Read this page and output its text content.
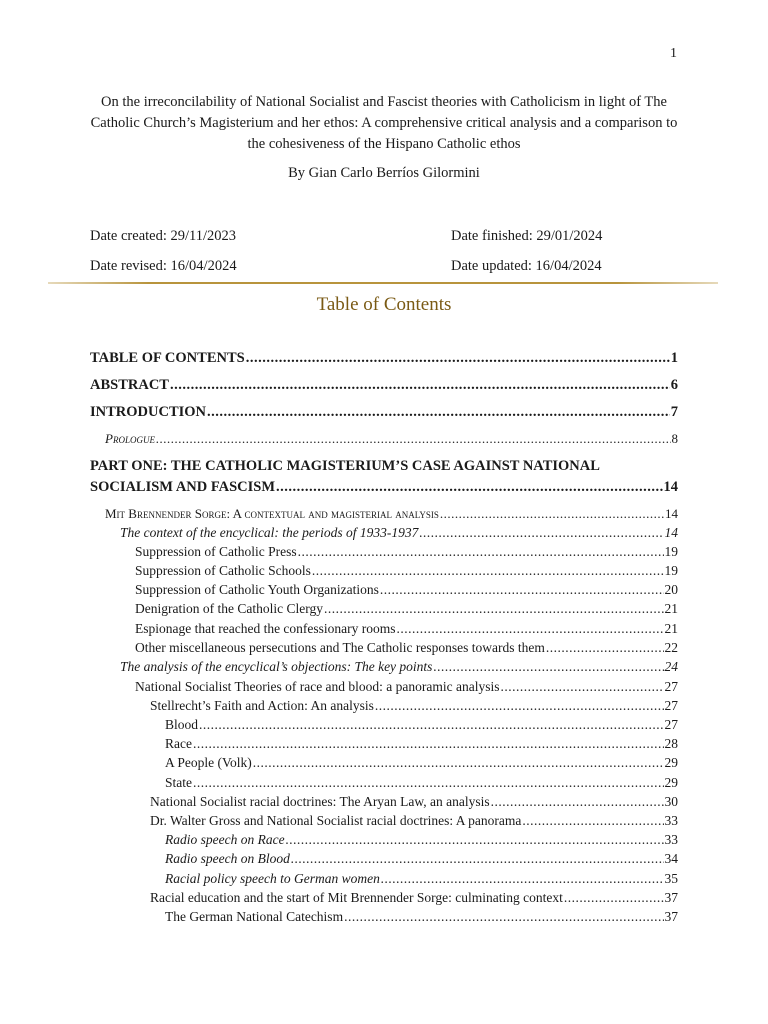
1
On the irreconcilability of National Socialist and Fascist theories with Catholicism in light of The Catholic Church’s Magisterium and her ethos: A comprehensive critical analysis and a comparison to the cohesiveness of the Hispano Catholic ethos
By Gian Carlo Berríos Gilormini
Date created: 29/11/2023	Date finished: 29/01/2024
Date revised: 16/04/2024	Date updated: 16/04/2024
Table of Contents
TABLE OF CONTENTS .....	1
ABSTRACT .....	6
INTRODUCTION .....	7
Prologue .....	8
PART ONE: THE CATHOLIC MAGISTERIUM’S CASE AGAINST NATIONAL
SOCIALISM AND FASCISM .....	14
Mit Brennender Sorge: A contextual and magisterial analysis .....	14
The context of the encyclical: the periods of 1933-1937 .....	14
Suppression of Catholic Press .....	19
Suppression of Catholic Schools .....	19
Suppression of Catholic Youth Organizations .....	20
Denigration of the Catholic Clergy .....	21
Espionage that reached the confessionary rooms .....	21
Other miscellaneous persecutions and The Catholic responses towards them .....	22
The analysis of the encyclical’s objections: The key points .....	24
National Socialist Theories of race and blood: a panoramic analysis .....	27
Stellrecht’s Faith and Action: An analysis .....	27
Blood .....	27
Race .....	28
A People (Volk) .....	29
State .....	29
National Socialist racial doctrines: The Aryan Law, an analysis .....	30
Dr. Walter Gross and National Socialist racial doctrines: A panorama .....	33
Radio speech on Race .....	33
Radio speech on Blood .....	34
Racial policy speech to German women .....	35
Racial education and the start of Mit Brennender Sorge: culminating context .....	37
The German National Catechism .....	37
